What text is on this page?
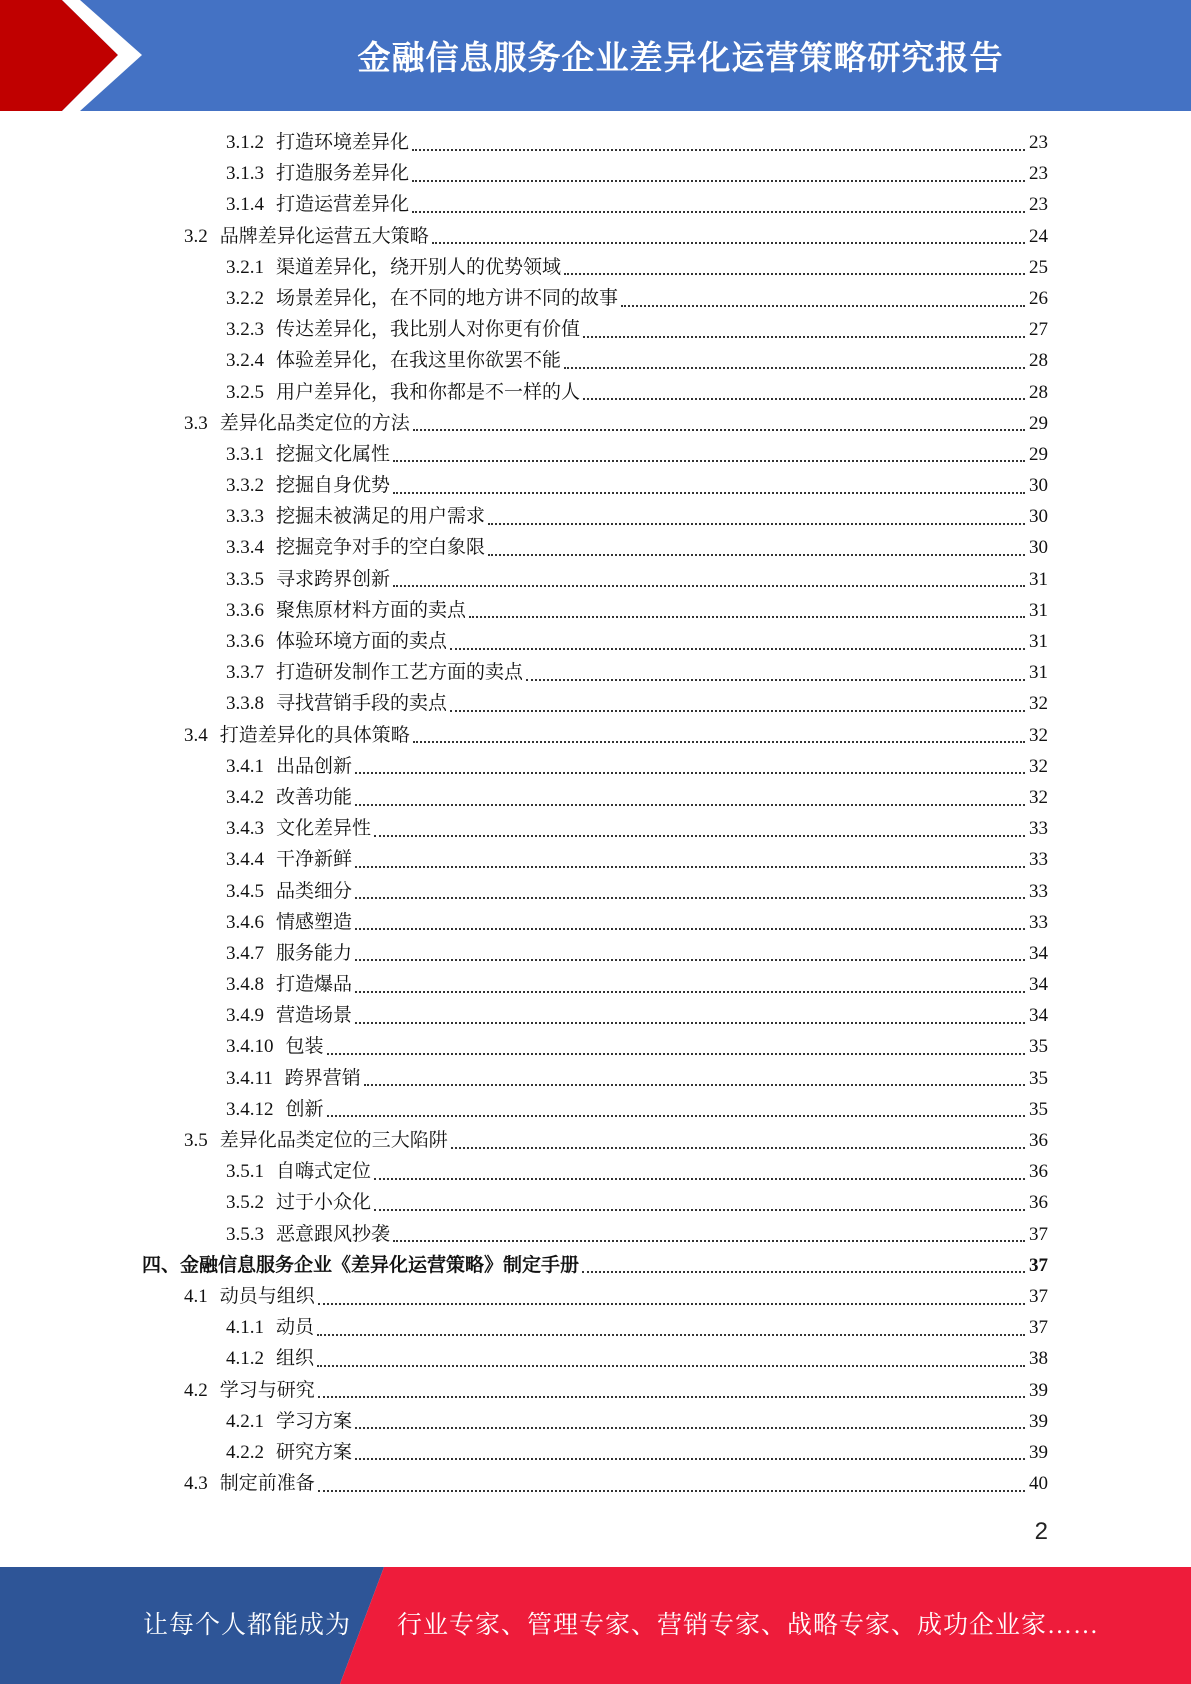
金融信息服务企业差异化运营策略研究报告
3.1.2 打造环境差异化	23
3.1.3 打造服务差异化	23
3.1.4 打造运营差异化	23
3.2 品牌差异化运营五大策略	24
3.2.1 渠道差异化，绕开别人的优势领域	25
3.2.2 场景差异化，在不同的地方讲不同的故事	26
3.2.3 传达差异化，我比别人对你更有价值	27
3.2.4 体验差异化，在我这里你欲罢不能	28
3.2.5 用户差异化，我和你都是不一样的人	28
3.3 差异化品类定位的方法	29
3.3.1 挖掘文化属性	29
3.3.2 挖掘自身优势	30
3.3.3 挖掘未被满足的用户需求	30
3.3.4 挖掘竞争对手的空白象限	30
3.3.5 寻求跨界创新	31
3.3.6 聚焦原材料方面的卖点	31
3.3.6 体验环境方面的卖点	31
3.3.7 打造研发制作工艺方面的卖点	31
3.3.8 寻找营销手段的卖点	32
3.4 打造差异化的具体策略	32
3.4.1 出品创新	32
3.4.2 改善功能	32
3.4.3 文化差异性	33
3.4.4 干净新鲜	33
3.4.5 品类细分	33
3.4.6 情感塑造	33
3.4.7 服务能力	34
3.4.8 打造爆品	34
3.4.9 营造场景	34
3.4.10 包装	35
3.4.11 跨界营销	35
3.4.12 创新	35
3.5 差异化品类定位的三大陷阱	36
3.5.1 自嗨式定位	36
3.5.2 过于小众化	36
3.5.3 恶意跟风抄袭	37
四、金融信息服务企业《差异化运营策略》制定手册	37
4.1 动员与组织	37
4.1.1 动员	37
4.1.2 组织	38
4.2 学习与研究	39
4.2.1 学习方案	39
4.2.2 研究方案	39
4.3 制定前准备	40
2
让每个人都能成为 行业专家、管理专家、营销专家、战略专家、成功企业家……
